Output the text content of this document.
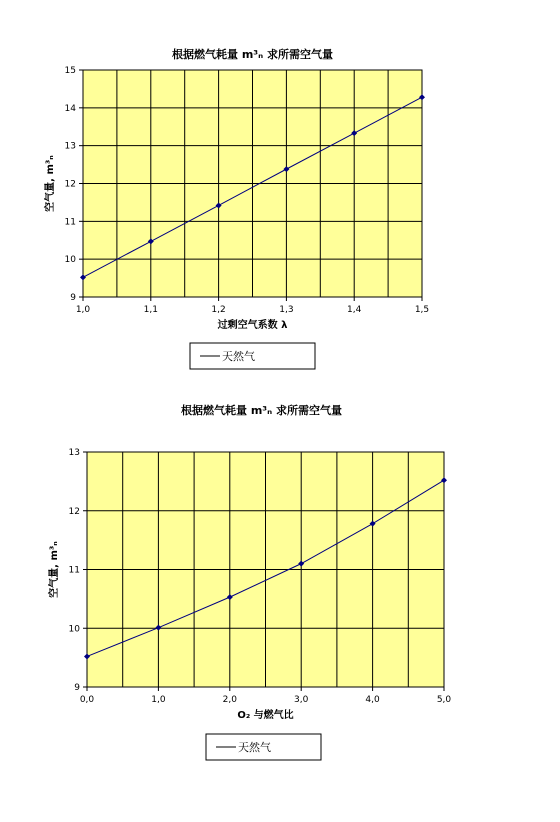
根据燃气耗量 m³ₙ 求所需空气量
9
10
11
12
13
14
15
1,0	1,1	1,2	1,3	1,4	1,5
过剩空气系数 λ
空气量, m³ₙ
天然气
根据燃气耗量 m³ₙ 求所需空气量
9
10
11
12
13
0,0	1,0	2,0	3,0	4,0	5,0
O₂ 与燃气比
空气量, m³ₙ
天然气
